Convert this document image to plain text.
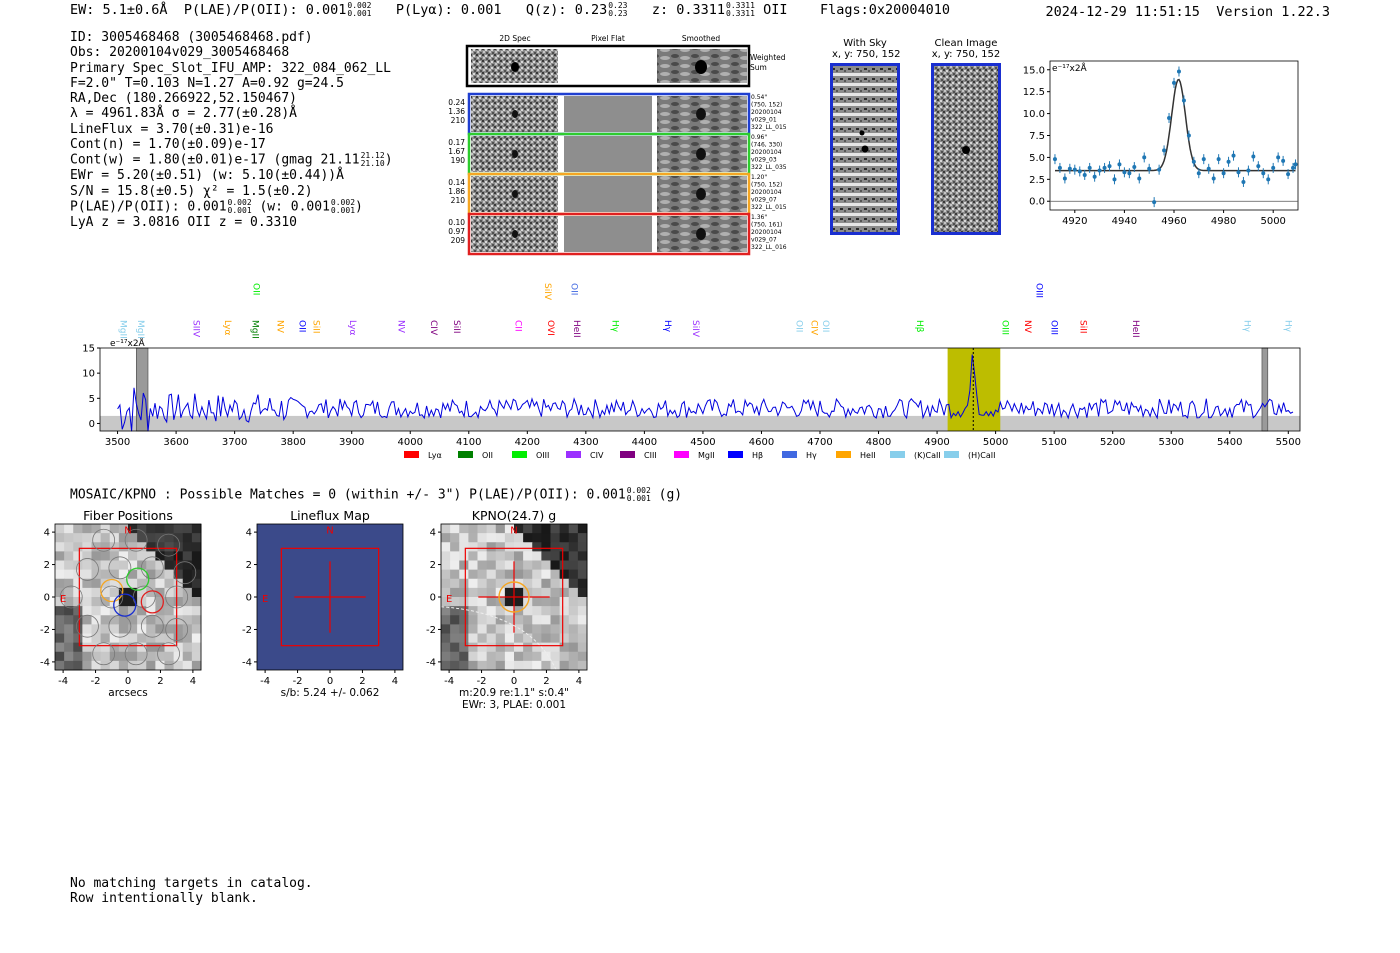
EW: 5.1±0.6Å P(LAE)/P(OII): 0.001 0.002
0.001 P(Lyα): 0.001 Q(z): 0.23 0.23
0.23 z: 0.3311 0.3311
0.3311 OII Flags:0x20004010	2024-12-29 11:51:15 Version 1.22.3
ID: 3005468468 (3005468468.pdf)
Obs: 20200104v029_3005468468
Primary Spec_Slot_IFU_AMP: 322_084_062_LL
F=2.0" T=0.103 N=1.27 A=0.92 g=24.5
RA,Dec (180.266922,52.150467)
λ = 4961.83Å σ = 2.77(±0.28)Å
LineFlux = 3.70(±0.31)e-16
Cont(n) = 1.70(±0.09)e-17
Cont(w) = 1.80(±0.01)e-17 (gmag 21.11 21.12
21.10 )
EWr = 5.20(±0.51) (w: 5.10(±0.44))Å
S/N = 15.8(±0.5) χ² = 1.5(±0.2)
P(LAE)/P(OII): 0.001 0.002
0.001 (w: 0.001 0.002
0.001 )
LyA z = 3.0816 OII z = 0.3310
2D Spec	Pixel Flat	Smoothed
Weighted
Sum
0.24
1.36
210
0.54"
(750, 152)
20200104
v029_01
322_LL_015
0.17
1.67
190
0.96"
(746, 330)
20200104
v029_03
322_LL_035
0.14
1.86
210
1.20"
(750, 152)
20200104
v029_07
322_LL_015
0.10
0.97
209
1.36"
(750, 161)
20200104
v029_07
322_LL_016
With Sky
x, y: 750, 152
Clean Image
x, y: 750, 152
e⁻¹⁷x2Å
4920 4940 4960 4980 5000
0.0
2.5
5.0
7.5
10.0
12.5
15.0
e⁻¹⁷x2Å
3500	3600	3700	3800	3900	4000	4100	4200	4300	4400	4500	4600	4700	4800	4900	5000	5100	5200	5300	5400	5500
0
5
10
15
MgII MgII	SIIV Lyα MgII
OII
NV OII SiII	Lyα	NV CIV SiII	CII
SiIV
OVI
OII
HeII	Hγ	Hγ SiIV	OII CIV OII	Hβ	OIII NV
OIII
OIII SiII	HeII	Hγ	Hγ
Lyα	OII	OIII	CIV	CIII	MgII	Hβ	Hγ	HeII	(K)CaII	(H)CaII
MOSAIC/KPNO : Possible Matches = 0 (within +/- 3") P(LAE)/P(OII): 0.001 0.002
0.001 (g)
Fiber Positions
N
E
-4
-4
-2
-2
0
0
2
2
4
4
arcsecs
Lineflux Map
N
E
-4
-4
-2
-2
0
0
2
2
4
4
s/b: 5.24 +/- 0.062
KPNO(24.7) g
N
E
-4
-4
-2
-2
0
0
2
2
4
4
m:20.9 re:1.1" s:0.4"
EWr: 3, PLAE: 0.001
No matching targets in catalog.
Row intentionally blank.
